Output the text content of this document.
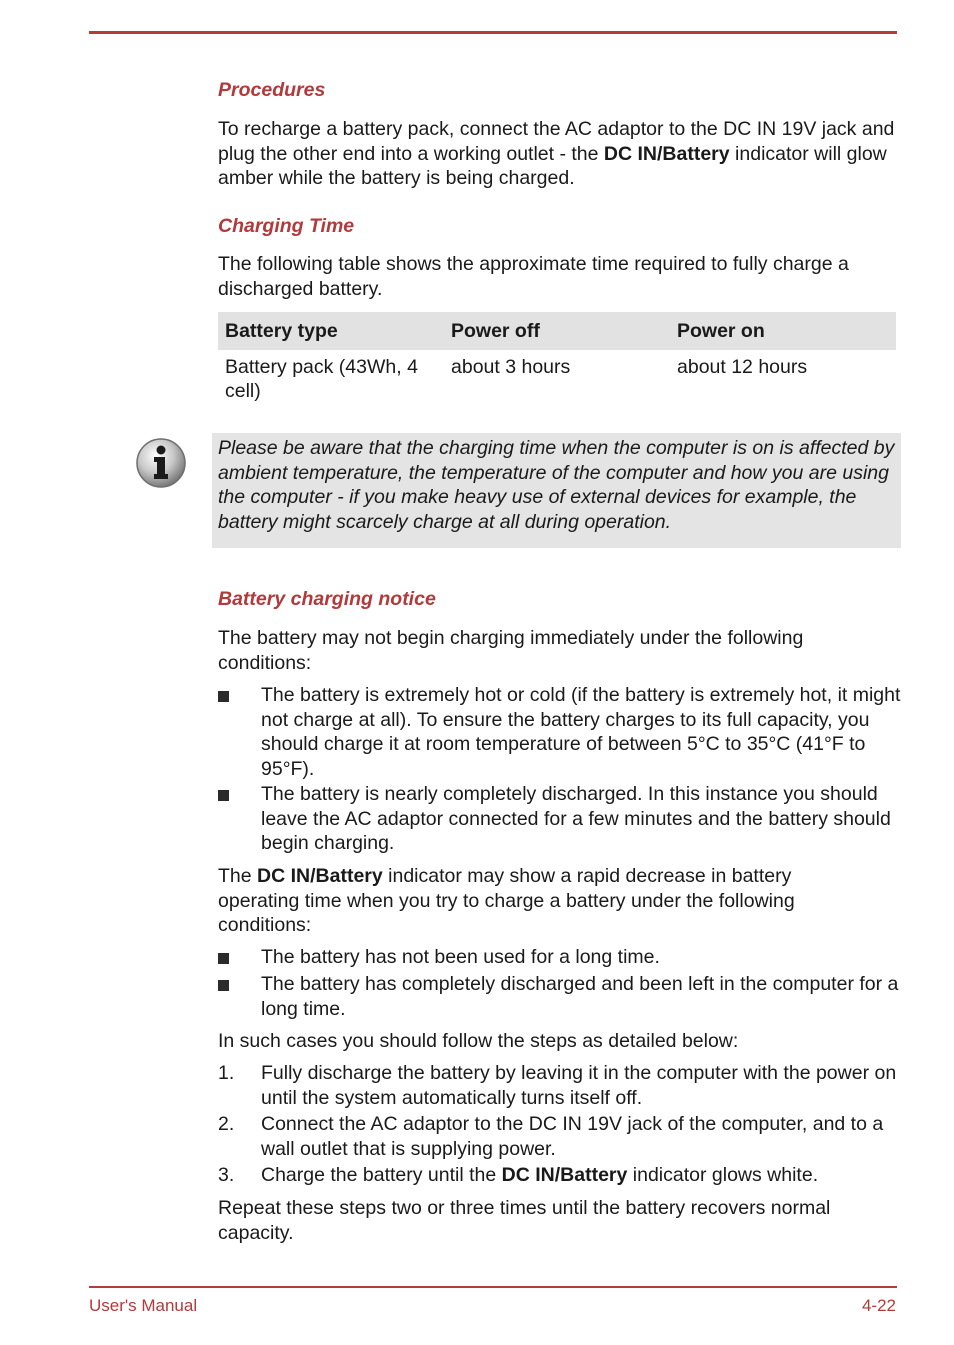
Procedures
To recharge a battery pack, connect the AC adaptor to the DC IN 19V jack and plug the other end into a working outlet - the DC IN/Battery indicator will glow amber while the battery is being charged.
Charging Time
The following table shows the approximate time required to fully charge a discharged battery.
Battery type	Power off	Power on
Battery pack (43Wh, 4 cell)	about 3 hours	about 12 hours
Please be aware that the charging time when the computer is on is affected by ambient temperature, the temperature of the computer and how you are using the computer - if you make heavy use of external devices for example, the battery might scarcely charge at all during operation.
Battery charging notice
The battery may not begin charging immediately under the following conditions:
The battery is extremely hot or cold (if the battery is extremely hot, it might not charge at all). To ensure the battery charges to its full capacity, you should charge it at room temperature of between 5°C to 35°C (41°F to 95°F).
The battery is nearly completely discharged. In this instance you should leave the AC adaptor connected for a few minutes and the battery should begin charging.
The DC IN/Battery indicator may show a rapid decrease in battery operating time when you try to charge a battery under the following conditions:
The battery has not been used for a long time.
The battery has completely discharged and been left in the computer for a long time.
In such cases you should follow the steps as detailed below:
1. Fully discharge the battery by leaving it in the computer with the power on until the system automatically turns itself off.
2. Connect the AC adaptor to the DC IN 19V jack of the computer, and to a wall outlet that is supplying power.
3. Charge the battery until the DC IN/Battery indicator glows white.
Repeat these steps two or three times until the battery recovers normal capacity.
User's Manual	4-22
